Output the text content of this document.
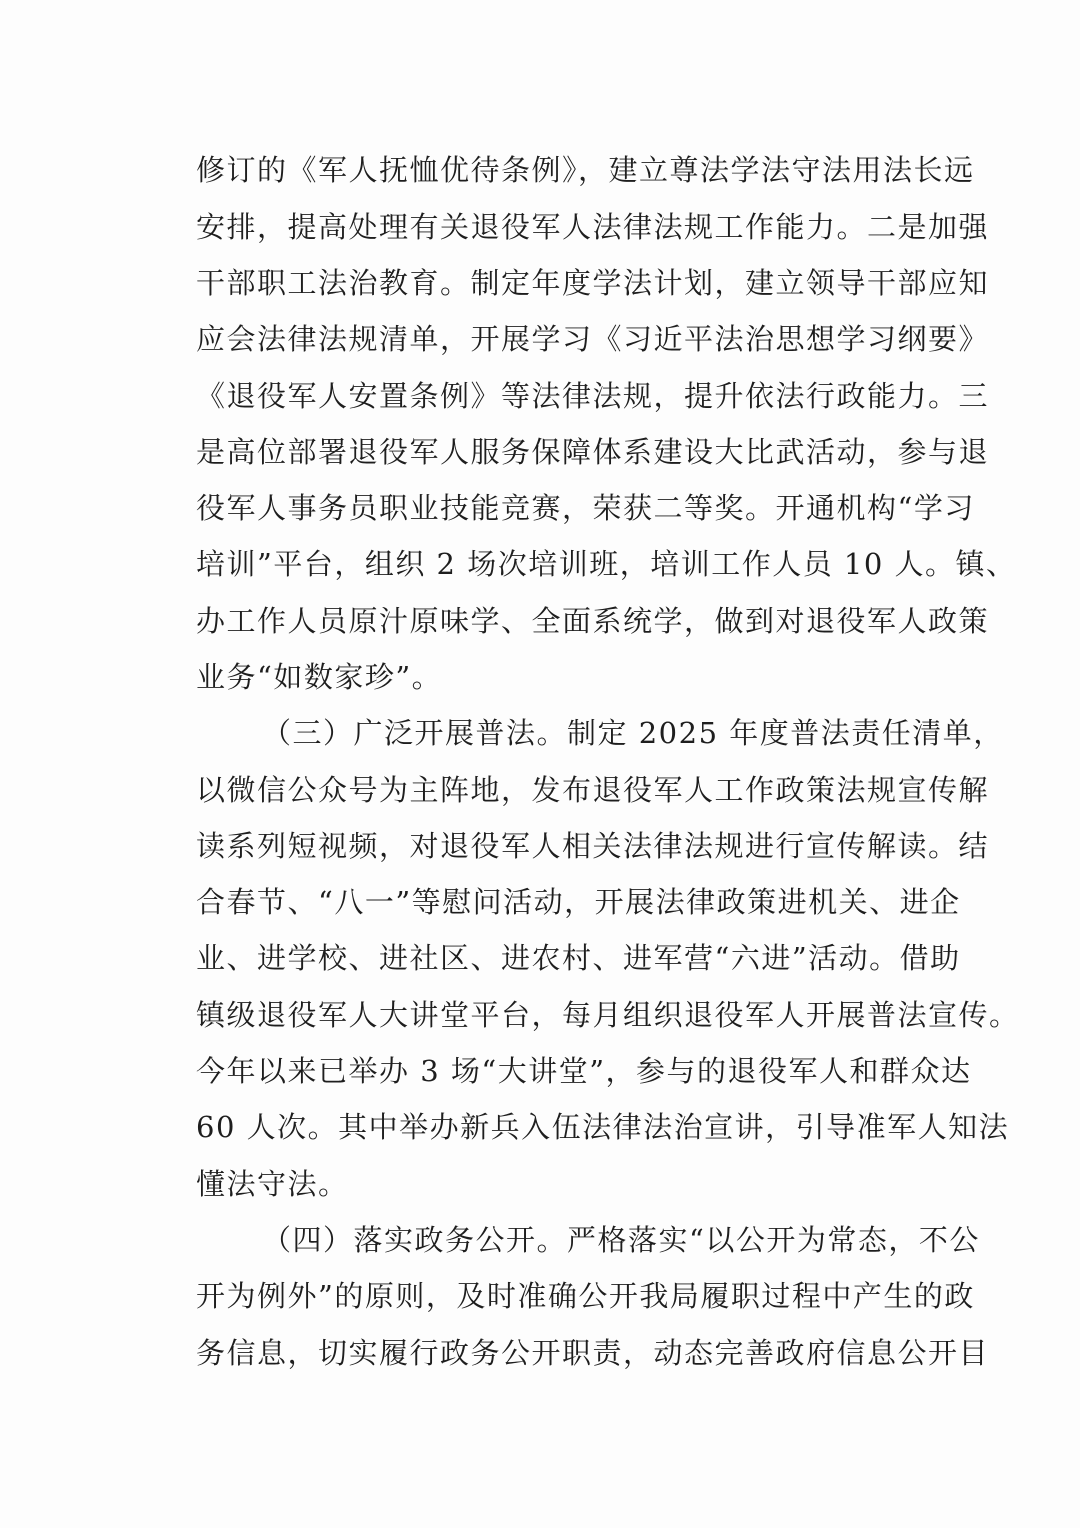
修订的《军人抚恤优待条例》，建立尊法学法守法用法长远
安排，提高处理有关退役军人法律法规工作能力。二是加强
干部职工法治教育。制定年度学法计划，建立领导干部应知
应会法律法规清单，开展学习《习近平法治思想学习纲要》
《退役军人安置条例》等法律法规，提升依法行政能力。三
是高位部署退役军人服务保障体系建设大比武活动，参与退
役军人事务员职业技能竞赛，荣获二等奖。开通机构“学习
培训”平台，组织 2 场次培训班，培训工作人员 10 人。镇、
办工作人员原汁原味学、全面系统学，做到对退役军人政策
业务“如数家珍”。
（三）广泛开展普法。制定 2025 年度普法责任清单，
以微信公众号为主阵地，发布退役军人工作政策法规宣传解
读系列短视频，对退役军人相关法律法规进行宣传解读。结
合春节、“八一”等慰问活动，开展法律政策进机关、进企
业、进学校、进社区、进农村、进军营“六进”活动。借助
镇级退役军人大讲堂平台，每月组织退役军人开展普法宣传。
今年以来已举办 3 场“大讲堂”，参与的退役军人和群众达
60 人次。其中举办新兵入伍法律法治宣讲，引导准军人知法
懂法守法。
（四）落实政务公开。严格落实“以公开为常态，不公
开为例外”的原则，及时准确公开我局履职过程中产生的政
务信息，切实履行政务公开职责，动态完善政府信息公开目
